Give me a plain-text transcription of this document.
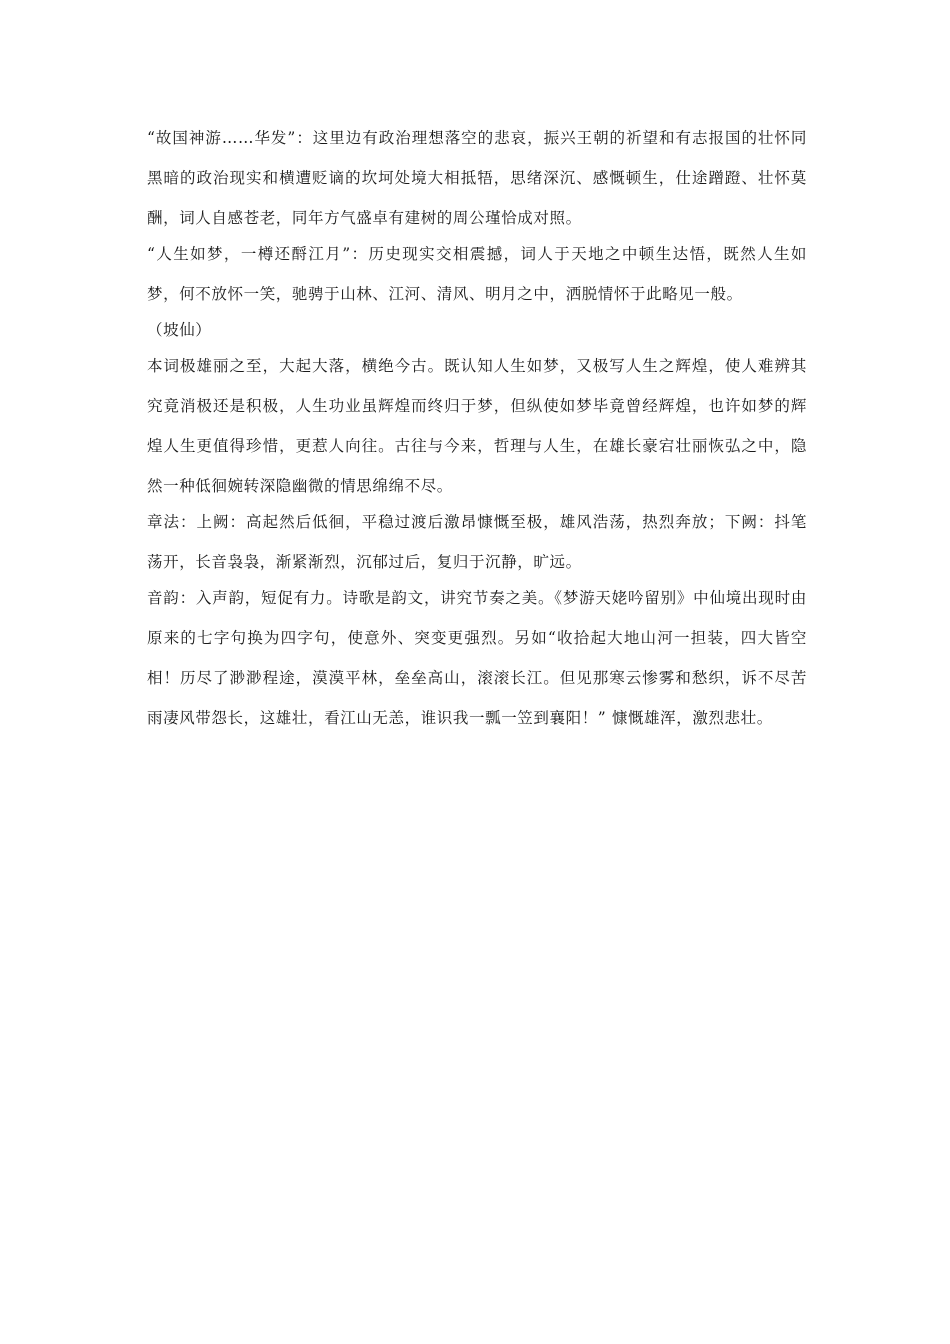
“故国神游……华发”：这里边有政治理想落空的悲哀，振兴王朝的祈望和有志报国的壮怀同黑暗的政治现实和横遭贬谪的坎坷处境大相抵牾，思绪深沉、感慨顿生，仕途蹭蹬、壮怀莫酬，词人自感苍老，同年方气盛卓有建树的周公瑾恰成对照。

“人生如梦，一樽还酹江月”：历史现实交相震撼，词人于天地之中顿生达悟，既然人生如梦，何不放怀一笑，驰骋于山林、江河、清风、明月之中，洒脱情怀于此略见一般。

（坡仙）

本词极雄丽之至，大起大落，横绝今古。既认知人生如梦，又极写人生之辉煌，使人难辨其究竟消极还是积极，人生功业虽辉煌而终归于梦，但纵使如梦毕竟曾经辉煌，也许如梦的辉煌人生更值得珍惜，更惹人向往。古往与今来，哲理与人生，在雄长豪宕壮丽恢弘之中，隐然一种低徊婉转深隐幽微的情思绵绵不尽。

章法：上阙：高起然后低徊，平稳过渡后激昂慷慨至极，雄风浩荡，热烈奔放；下阙：抖笔荡开，长音袅袅，渐紧渐烈，沉郁过后，复归于沉静，旷远。

音韵：入声韵，短促有力。诗歌是韵文，讲究节奏之美。《梦游天姥吟留别》中仙境出现时由原来的七字句换为四字句，使意外、突变更强烈。另如“收拾起大地山河一担装，四大皆空相！历尽了渺渺程途，漠漠平林，垒垒高山，滚滚长江。但见那寒云惨雾和愁织，诉不尽苦雨凄风带怨长，这雄壮，看江山无恙，谁识我一瓢一笠到襄阳！” 慷慨雄浑，激烈悲壮。
